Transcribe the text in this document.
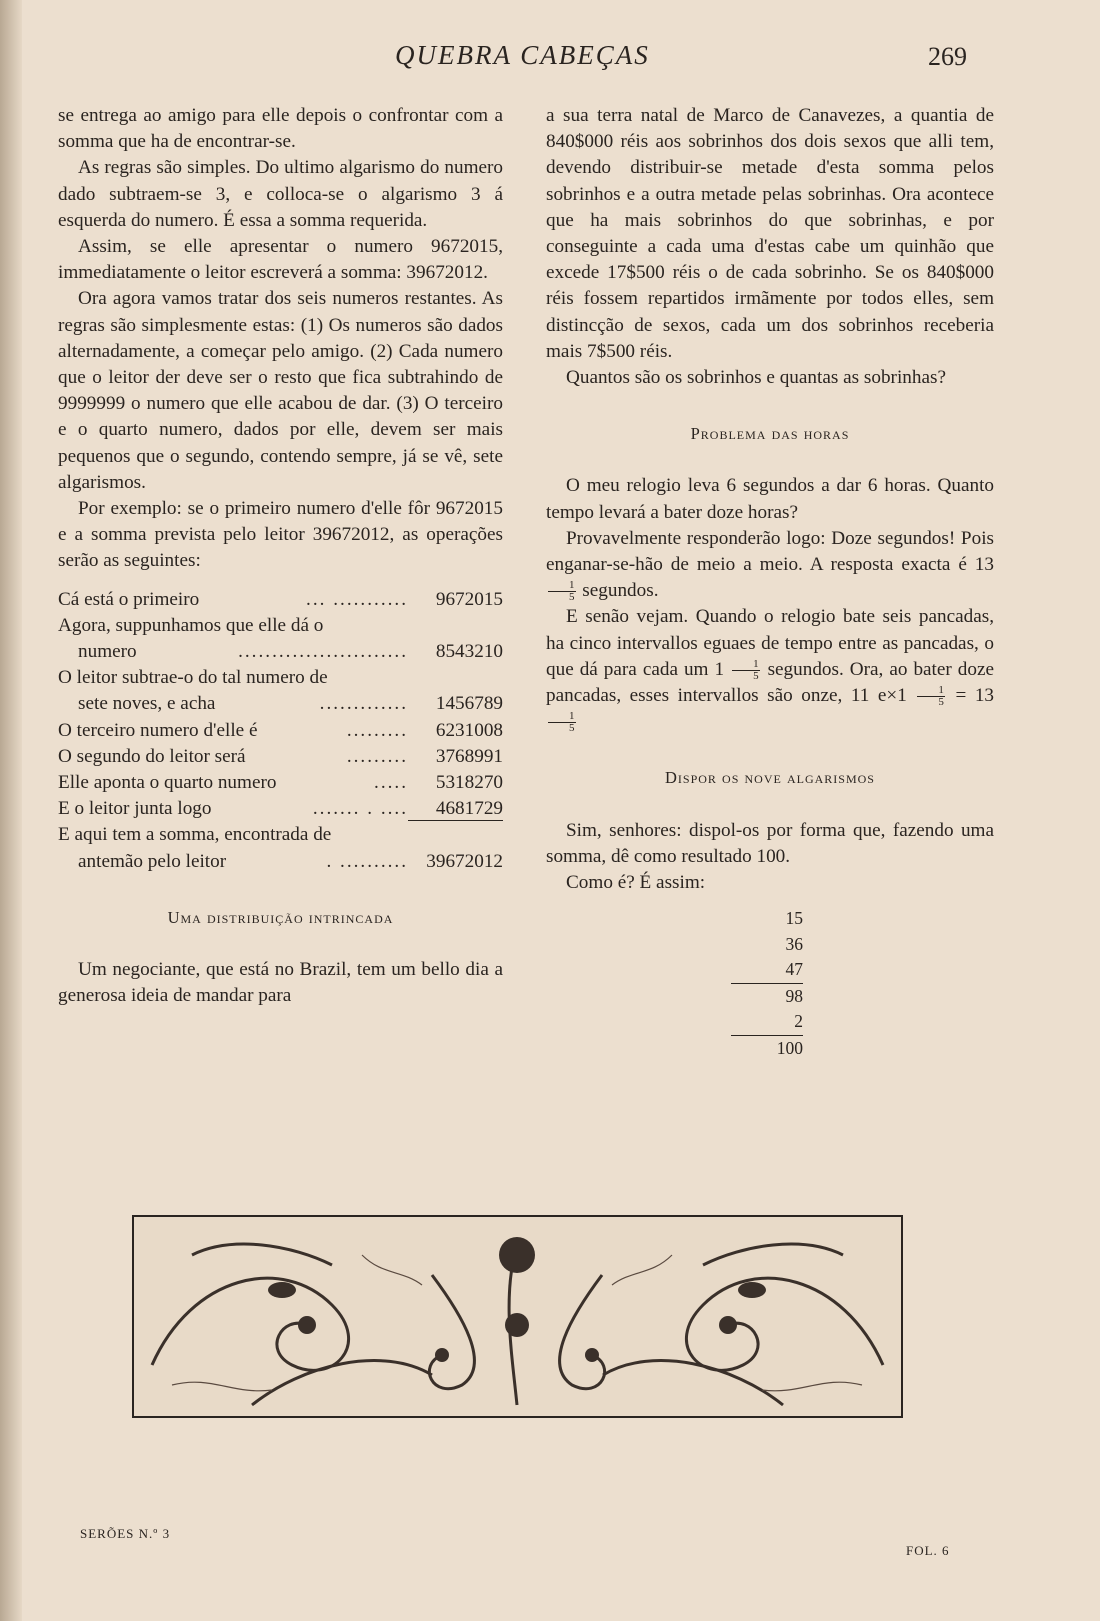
QUEBRA CABEÇAS	269

se entrega ao amigo para elle depois o confrontar com a somma que ha de encontrar-se.

As regras são simples. Do ultimo algarismo do numero dado subtraem-se 3, e colloca-se o algarismo 3 á esquerda do numero. É essa a somma requerida.

Assim, se elle apresentar o numero 9672015, immediatamente o leitor escreverá a somma: 39672012.

Ora agora vamos tratar dos seis numeros restantes. As regras são simplesmente estas: (1) Os numeros são dados alternadamente, a começar pelo amigo. (2) Cada numero que o leitor der deve ser o resto que fica subtrahindo de 9999999 o numero que elle acabou de dar. (3) O terceiro e o quarto numero, dados por elle, devem ser mais pequenos que o segundo, contendo sempre, já se vê, sete algarismos.

Por exemplo: se o primeiro numero d'elle fôr 9672015 e a somma prevista pelo leitor 39672012, as operações serão as seguintes:

Cá está o primeiro	... ...........	9672015
Agora, suppunhamos que elle dá o
numero	.........................	8543210
O leitor subtrae-o do tal numero de
sete noves, e acha	.............	1456789
O terceiro numero d'elle é	.........	6231008
O segundo do leitor será	.........	3768991
Elle aponta o quarto numero	.....	5318270
E o leitor junta logo	....... . ....	4681729
E aqui tem a somma, encontrada de
antemão pelo leitor	. .......... 39672012
Uma distribuição intrincada

Um negociante, que está no Brazil, tem um bello dia a generosa ideia de mandar para

a sua terra natal de Marco de Canavezes, a quantia de 840$000 réis aos sobrinhos dos dois sexos que alli tem, devendo distribuir-se metade d'esta somma pelos sobrinhos e a outra metade pelas sobrinhas. Ora acontece que ha mais sobrinhos do que sobrinhas, e por conseguinte a cada uma d'estas cabe um quinhão que excede 17$500 réis o de cada sobrinho. Se os 840$000 réis fossem repartidos irmãmente por todos elles, sem distincção de sexos, cada um dos sobrinhos receberia mais 7$500 réis.

Quantos são os sobrinhos e quantas as sobrinhas?

Problema das horas

O meu relogio leva 6 segundos a dar 6 horas. Quanto tempo levará a bater doze horas?

Provavelmente responderão logo: Doze segundos! Pois enganar-se-hão de meio a meio. A resposta exacta é 13
$\frac{1}{5}$ segundos.

E senão vejam. Quando o relogio bate seis pancadas, ha cinco intervallos eguaes de tempo entre as pancadas, o que dá para cada um $1 \frac{1}{5}$ segundos. Ora, ao bater doze pancadas, esses intervallos são onze, 11 $e\times 1 \frac{1}{5} = 13$
$\frac{1}{5}$

Dispor os nove algarismos

Sim, senhores: dispol-os por forma que, fazendo uma somma, dê como resultado 100.

Como é? É assim:

15
36
47
98
2
100
SERÕES N.º 3
FOL. 6
